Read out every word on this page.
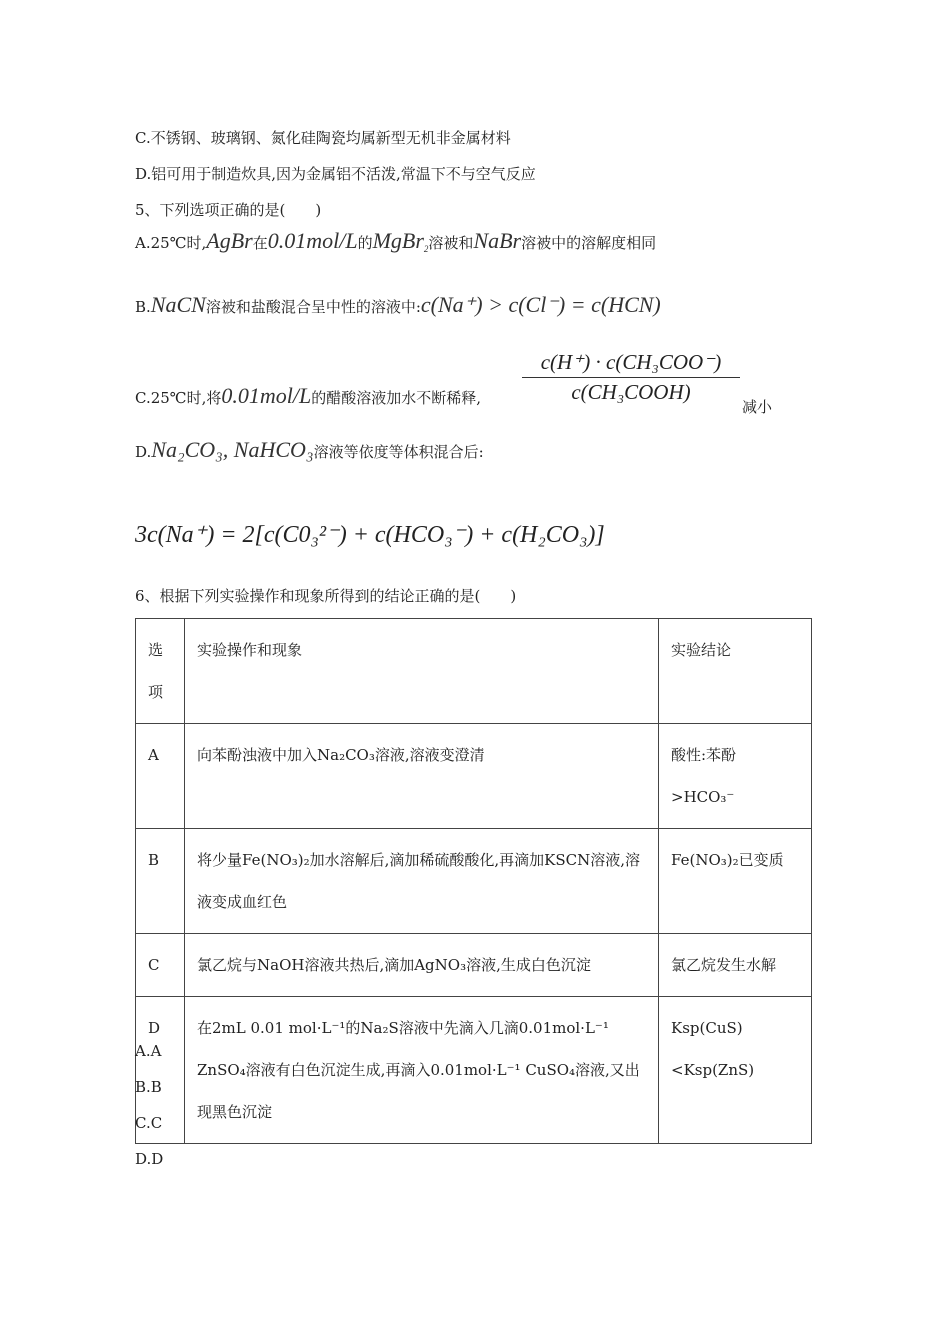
C.不锈钢、玻璃钢、氮化硅陶瓷均属新型无机非金属材料
D.铝可用于制造炊具,因为金属铝不活泼,常温下不与空气反应
5、下列选项正确的是(　　)
A.25℃时,AgBr在0.01mol/L的MgBr$_2$溶被和NaBr溶被中的溶解度相同
B.NaCN溶被和盐酸混合呈中性的溶液中:c(Na⁺) > c(Cl⁻) = c(HCN)
C.25℃时,将0.01mol/L的醋酸溶液加水不断稀释,
c(H⁺) · c(CH₃COO⁻)
c(CH₃COOH)
减小
D.Na₂CO₃, NaHCO₃溶液等依度等体积混合后:
3c(Na⁺) = 2[c(C0₃²⁻) + c(HCO₃⁻) + c(H₂CO₃)]
6、根据下列实验操作和现象所得到的结论正确的是(　　)
选项	实验操作和现象	实验结论
A	向苯酚浊液中加入Na₂CO₃溶液,溶液变澄清	酸性:苯酚>HCO₃⁻
B	将少量Fe(NO₃)₂加水溶解后,滴加稀硫酸酸化,再滴加KSCN溶液,溶液变成血红色	Fe(NO₃)₂已变质
C	氯乙烷与NaOH溶液共热后,滴加AgNO₃溶液,生成白色沉淀	氯乙烷发生水解
D	在2mL 0.01 mol·L⁻¹的Na₂S溶液中先滴入几滴0.01mol·L⁻¹ ZnSO₄溶液有白色沉淀生成,再滴入0.01mol·L⁻¹ CuSO₄溶液,又出现黑色沉淀	Ksp(CuS)<Ksp(ZnS)
A.A
B.B
C.C
D.D
